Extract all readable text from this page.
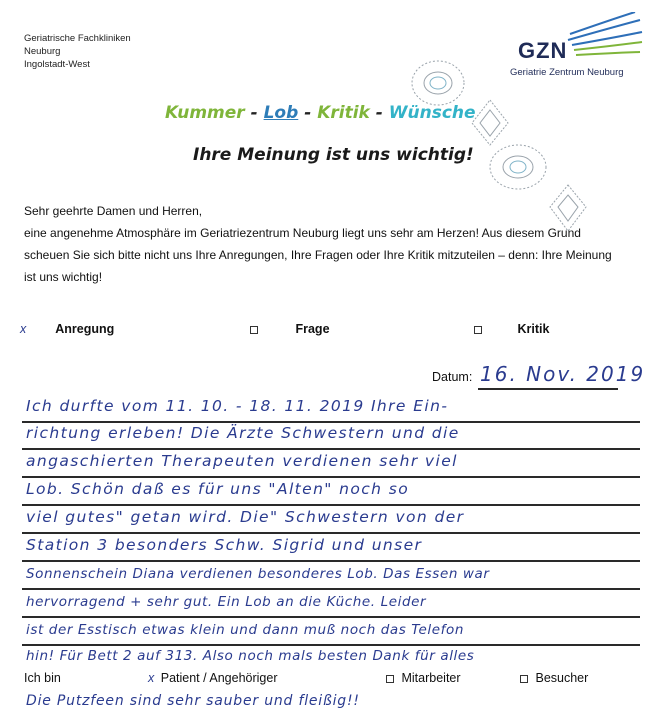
Geriatrische Fachkliniken
Neuburg
Ingolstadt-West
GZN
Geriatrie Zentrum Neuburg
Kummer - Lob - Kritik - Wünsche
Ihre Meinung ist uns wichtig!
Sehr geehrte Damen und Herren,
eine angenehme Atmosphäre im Geriatriezentrum Neuburg liegt uns sehr am Herzen! Aus diesem Grund scheuen Sie sich bitte nicht uns Ihre Anregungen, Ihre Fragen oder Ihre Kritik mitzuteilen – denn: Ihre Meinung ist uns wichtig!
x Anregung	Frage	Kritik
Datum: 16. Nov. 2019
Ich durfte vom 11. 10. - 18. 11. 2019 Ihre Ein-
richtung erleben! Die Ärzte Schwestern und die
angaschierten Therapeuten verdienen sehr viel
Lob. Schön daß es für uns "Alten" noch so
viel gutes" getan wird. Die" Schwestern von der
Station 3 besonders Schw. Sigrid und unser
Sonnenschein Diana verdienen besonderes Lob. Das Essen war
hervorragend + sehr gut. Ein Lob an die Küche. Leider
ist der Esstisch etwas klein und dann muß noch das Telefon
hin! Für Bett 2 auf 313. Also noch mals besten Dank für alles
Ich bin	x Patient / Angehöriger	Mitarbeiter	Besucher
Die Putzfeen sind sehr sauber und fleißig!!
